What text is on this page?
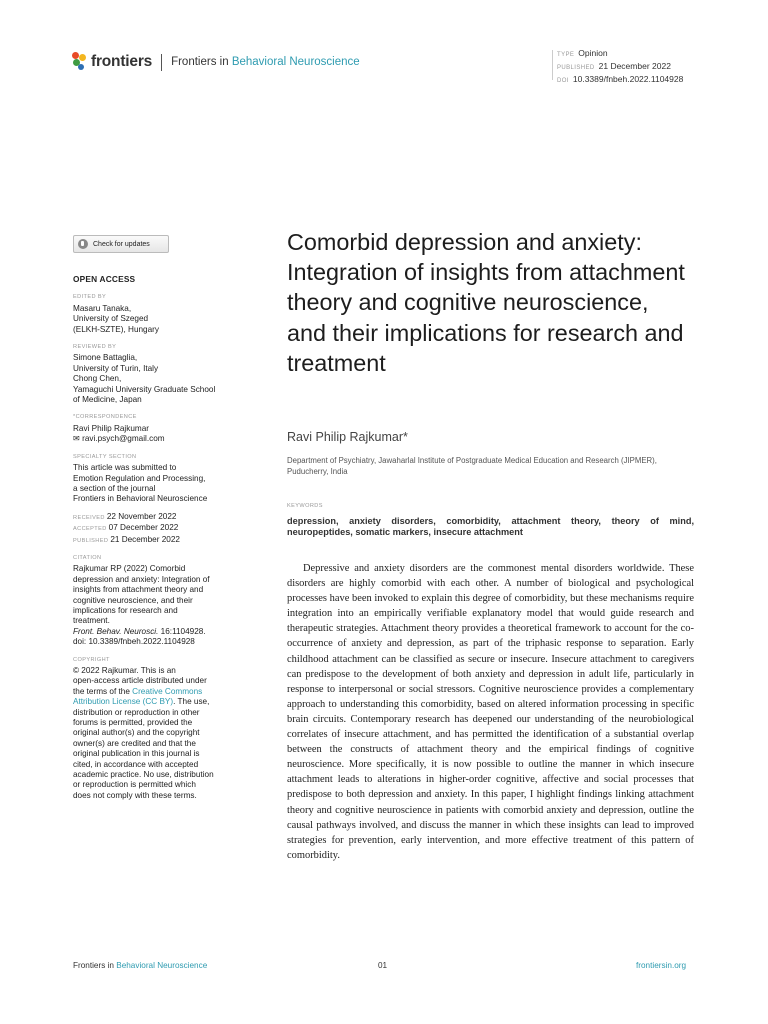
frontiers Frontiers in Behavioral Neuroscience
TYPE Opinion
PUBLISHED 21 December 2022
DOI 10.3389/fnbeh.2022.1104928
Check for updates
OPEN ACCESS
EDITED BY
Masaru Tanaka,
University of Szeged
(ELKH-SZTE), Hungary
REVIEWED BY
Simone Battaglia,
University of Turin, Italy
Chong Chen,
Yamaguchi University Graduate School
of Medicine, Japan
*CORRESPONDENCE
Ravi Philip Rajkumar
✉ ravi.psych@gmail.com
SPECIALTY SECTION
This article was submitted to
Emotion Regulation and Processing,
a section of the journal
Frontiers in Behavioral Neuroscience
RECEIVED 22 November 2022
ACCEPTED 07 December 2022
PUBLISHED 21 December 2022
CITATION
Rajkumar RP (2022) Comorbid
depression and anxiety: Integration of
insights from attachment theory and
cognitive neuroscience, and their
implications for research and
treatment.
Front. Behav. Neurosci. 16:1104928.
doi: 10.3389/fnbeh.2022.1104928
COPYRIGHT
© 2022 Rajkumar. This is an
open-access article distributed under
the terms of the Creative Commons
Attribution License (CC BY). The use,
distribution or reproduction in other
forums is permitted, provided the
original author(s) and the copyright
owner(s) are credited and that the
original publication in this journal is
cited, in accordance with accepted
academic practice. No use, distribution
or reproduction is permitted which
does not comply with these terms.
Comorbid depression and anxiety: Integration of insights from attachment theory and cognitive neuroscience, and their implications for research and treatment
Ravi Philip Rajkumar*
Department of Psychiatry, Jawaharlal Institute of Postgraduate Medical Education and Research (JIPMER), Puducherry, India
KEYWORDS
depression, anxiety disorders, comorbidity, attachment theory, theory of mind, neuropeptides, somatic markers, insecure attachment

Depressive and anxiety disorders are the commonest mental disorders worldwide. These disorders are highly comorbid with each other. A number of biological and psychological processes have been invoked to explain this degree of comorbidity, but these mechanisms require integration into an empirically verifiable explanatory model that would guide research and therapeutic strategies. Attachment theory provides a theoretical framework to account for the co-occurrence of anxiety and depression, as part of the triphasic response to separation. Early childhood attachment can be classified as secure or insecure. Insecure attachment to caregivers can predispose to the development of both anxiety and depression in adult life, particularly in response to interpersonal or social stressors. Cognitive neuroscience provides a complementary approach to understanding this comorbidity, based on altered information processing in specific brain circuits. Contemporary research has deepened our understanding of the neurobiological correlates of insecure attachment, and has permitted the identification of a substantial overlap between the constructs of attachment theory and the empirical findings of cognitive neuroscience. More specifically, it is now possible to outline the manner in which insecure attachment leads to alterations in higher-order cognitive, affective and social processes that predispose to both depression and anxiety. In this paper, I highlight findings linking attachment theory and cognitive neuroscience in patients with comorbid anxiety and depression, outline the causal pathways involved, and discuss the manner in which these insights can lead to improved strategies for prevention, early intervention, and more effective treatment of this pattern of comorbidity.

Frontiers in Behavioral Neuroscience	01	frontiersin.org
